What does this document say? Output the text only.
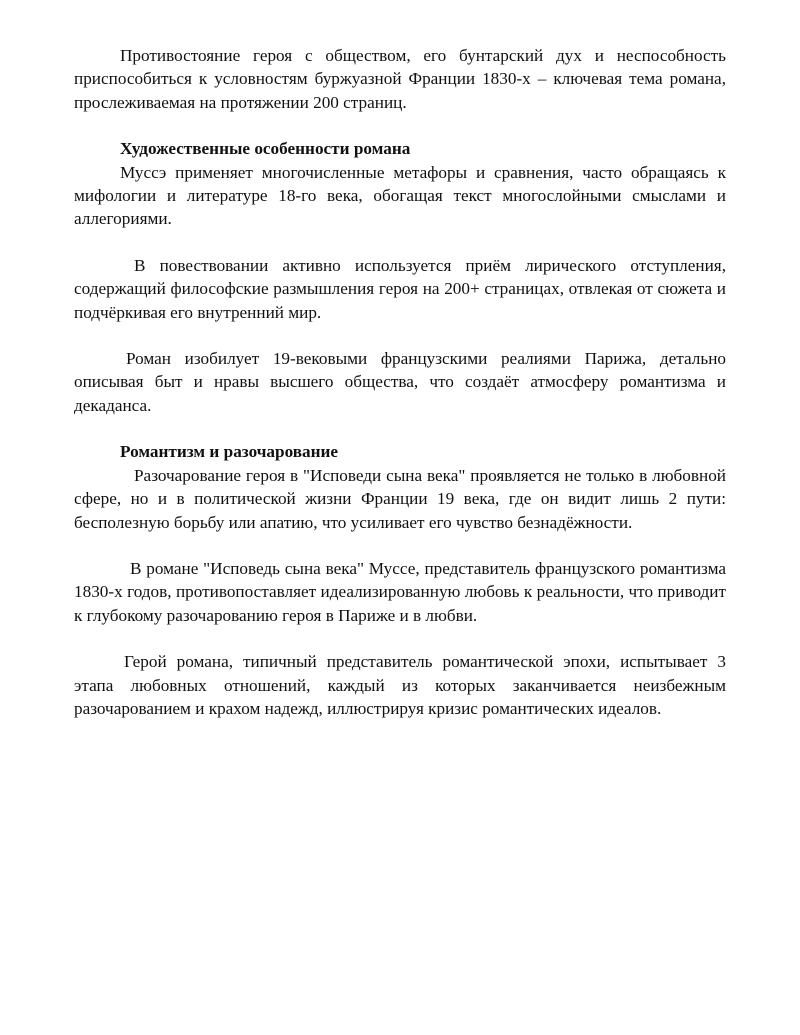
Противостояние героя с обществом, его бунтарский дух и неспособность приспособиться к условностям буржуазной Франции 1830-х – ключевая тема романа, прослеживаемая на протяжении 200 страниц.

Художественные особенности романа

Муссэ применяет многочисленные метафоры и сравнения, часто обращаясь к мифологии и литературе 18-го века, обогащая текст многослойными смыслами и аллегориями.

В повествовании активно используется приём лирического отступления, содержащий философские размышления героя на 200+ страницах, отвлекая от сюжета и подчёркивая его внутренний мир.

Роман изобилует 19-вековыми французскими реалиями Парижа, детально описывая быт и нравы высшего общества, что создаёт атмосферу романтизма и декаданса.

Романтизм и разочарование

Разочарование героя в "Исповеди сына века" проявляется не только в любовной сфере, но и в политической жизни Франции 19 века, где он видит лишь 2 пути: бесполезную борьбу или апатию, что усиливает его чувство безнадёжности.

В романе "Исповедь сына века" Муссе, представитель французского романтизма 1830-х годов, противопоставляет идеализированную любовь к реальности, что приводит к глубокому разочарованию героя в Париже и в любви.

Герой романа, типичный представитель романтической эпохи, испытывает 3 этапа любовных отношений, каждый из которых заканчивается неизбежным разочарованием и крахом надежд, иллюстрируя кризис романтических идеалов.
